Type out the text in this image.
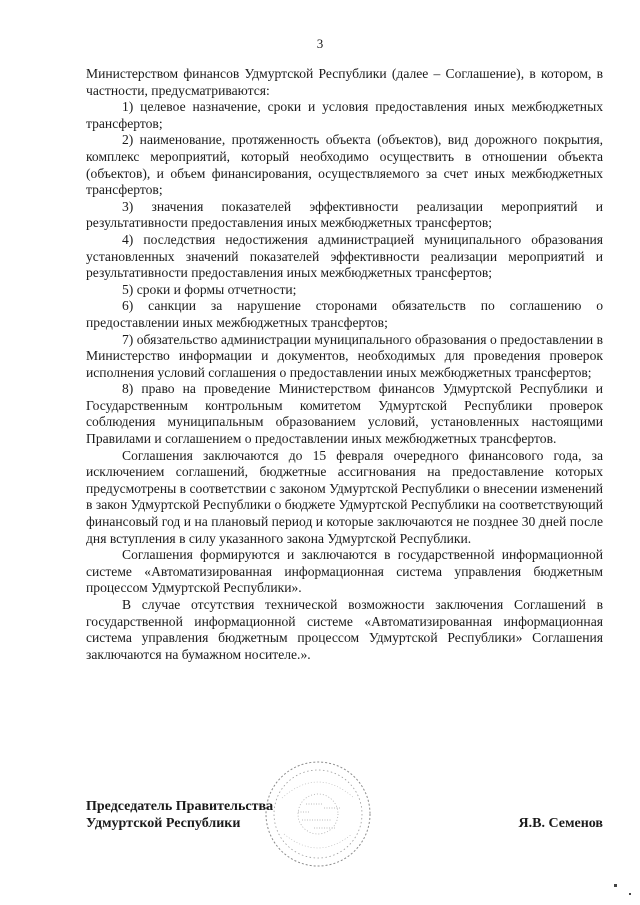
3

Министерством финансов Удмуртской Республики (далее – Соглашение), в котором, в частности, предусматриваются:

1) целевое назначение, сроки и условия предоставления иных межбюджетных трансфертов;

2) наименование, протяженность объекта (объектов), вид дорожного покрытия, комплекс мероприятий, который необходимо осуществить в отношении объекта (объектов), и объем финансирования, осуществляемого за счет иных межбюджетных трансфертов;

3) значения показателей эффективности реализации мероприятий и результативности предоставления иных межбюджетных трансфертов;

4) последствия недостижения администрацией муниципального образования установленных значений показателей эффективности реализации мероприятий и результативности предоставления иных межбюджетных трансфертов;

5) сроки и формы отчетности;

6) санкции за нарушение сторонами обязательств по соглашению о предоставлении иных межбюджетных трансфертов;

7) обязательство администрации муниципального образования о предоставлении в Министерство информации и документов, необходимых для проведения проверок исполнения условий соглашения о предоставлении иных межбюджетных трансфертов;

8) право на проведение Министерством финансов Удмуртской Республики и Государственным контрольным комитетом Удмуртской Республики проверок соблюдения муниципальным образованием условий, установленных настоящими Правилами и соглашением о предоставлении иных межбюджетных трансфертов.

Соглашения заключаются до 15 февраля очередного финансового года, за исключением соглашений, бюджетные ассигнования на предоставление которых предусмотрены в соответствии с законом Удмуртской Республики о внесении изменений в закон Удмуртской Республики о бюджете Удмуртской Республики на соответствующий финансовый год и на плановый период и которые заключаются не позднее 30 дней после дня вступления в силу указанного закона Удмуртской Республики.

Соглашения формируются и заключаются в государственной информационной системе «Автоматизированная информационная система управления бюджетным процессом Удмуртской Республики».

В случае отсутствия технической возможности заключения Соглашений в государственной информационной системе «Автоматизированная информационная система управления бюджетным процессом Удмуртской Республики» Соглашения заключаются на бумажном носителе.».

Председатель Правительства
Удмуртской Республики	Я.В. Семенов
